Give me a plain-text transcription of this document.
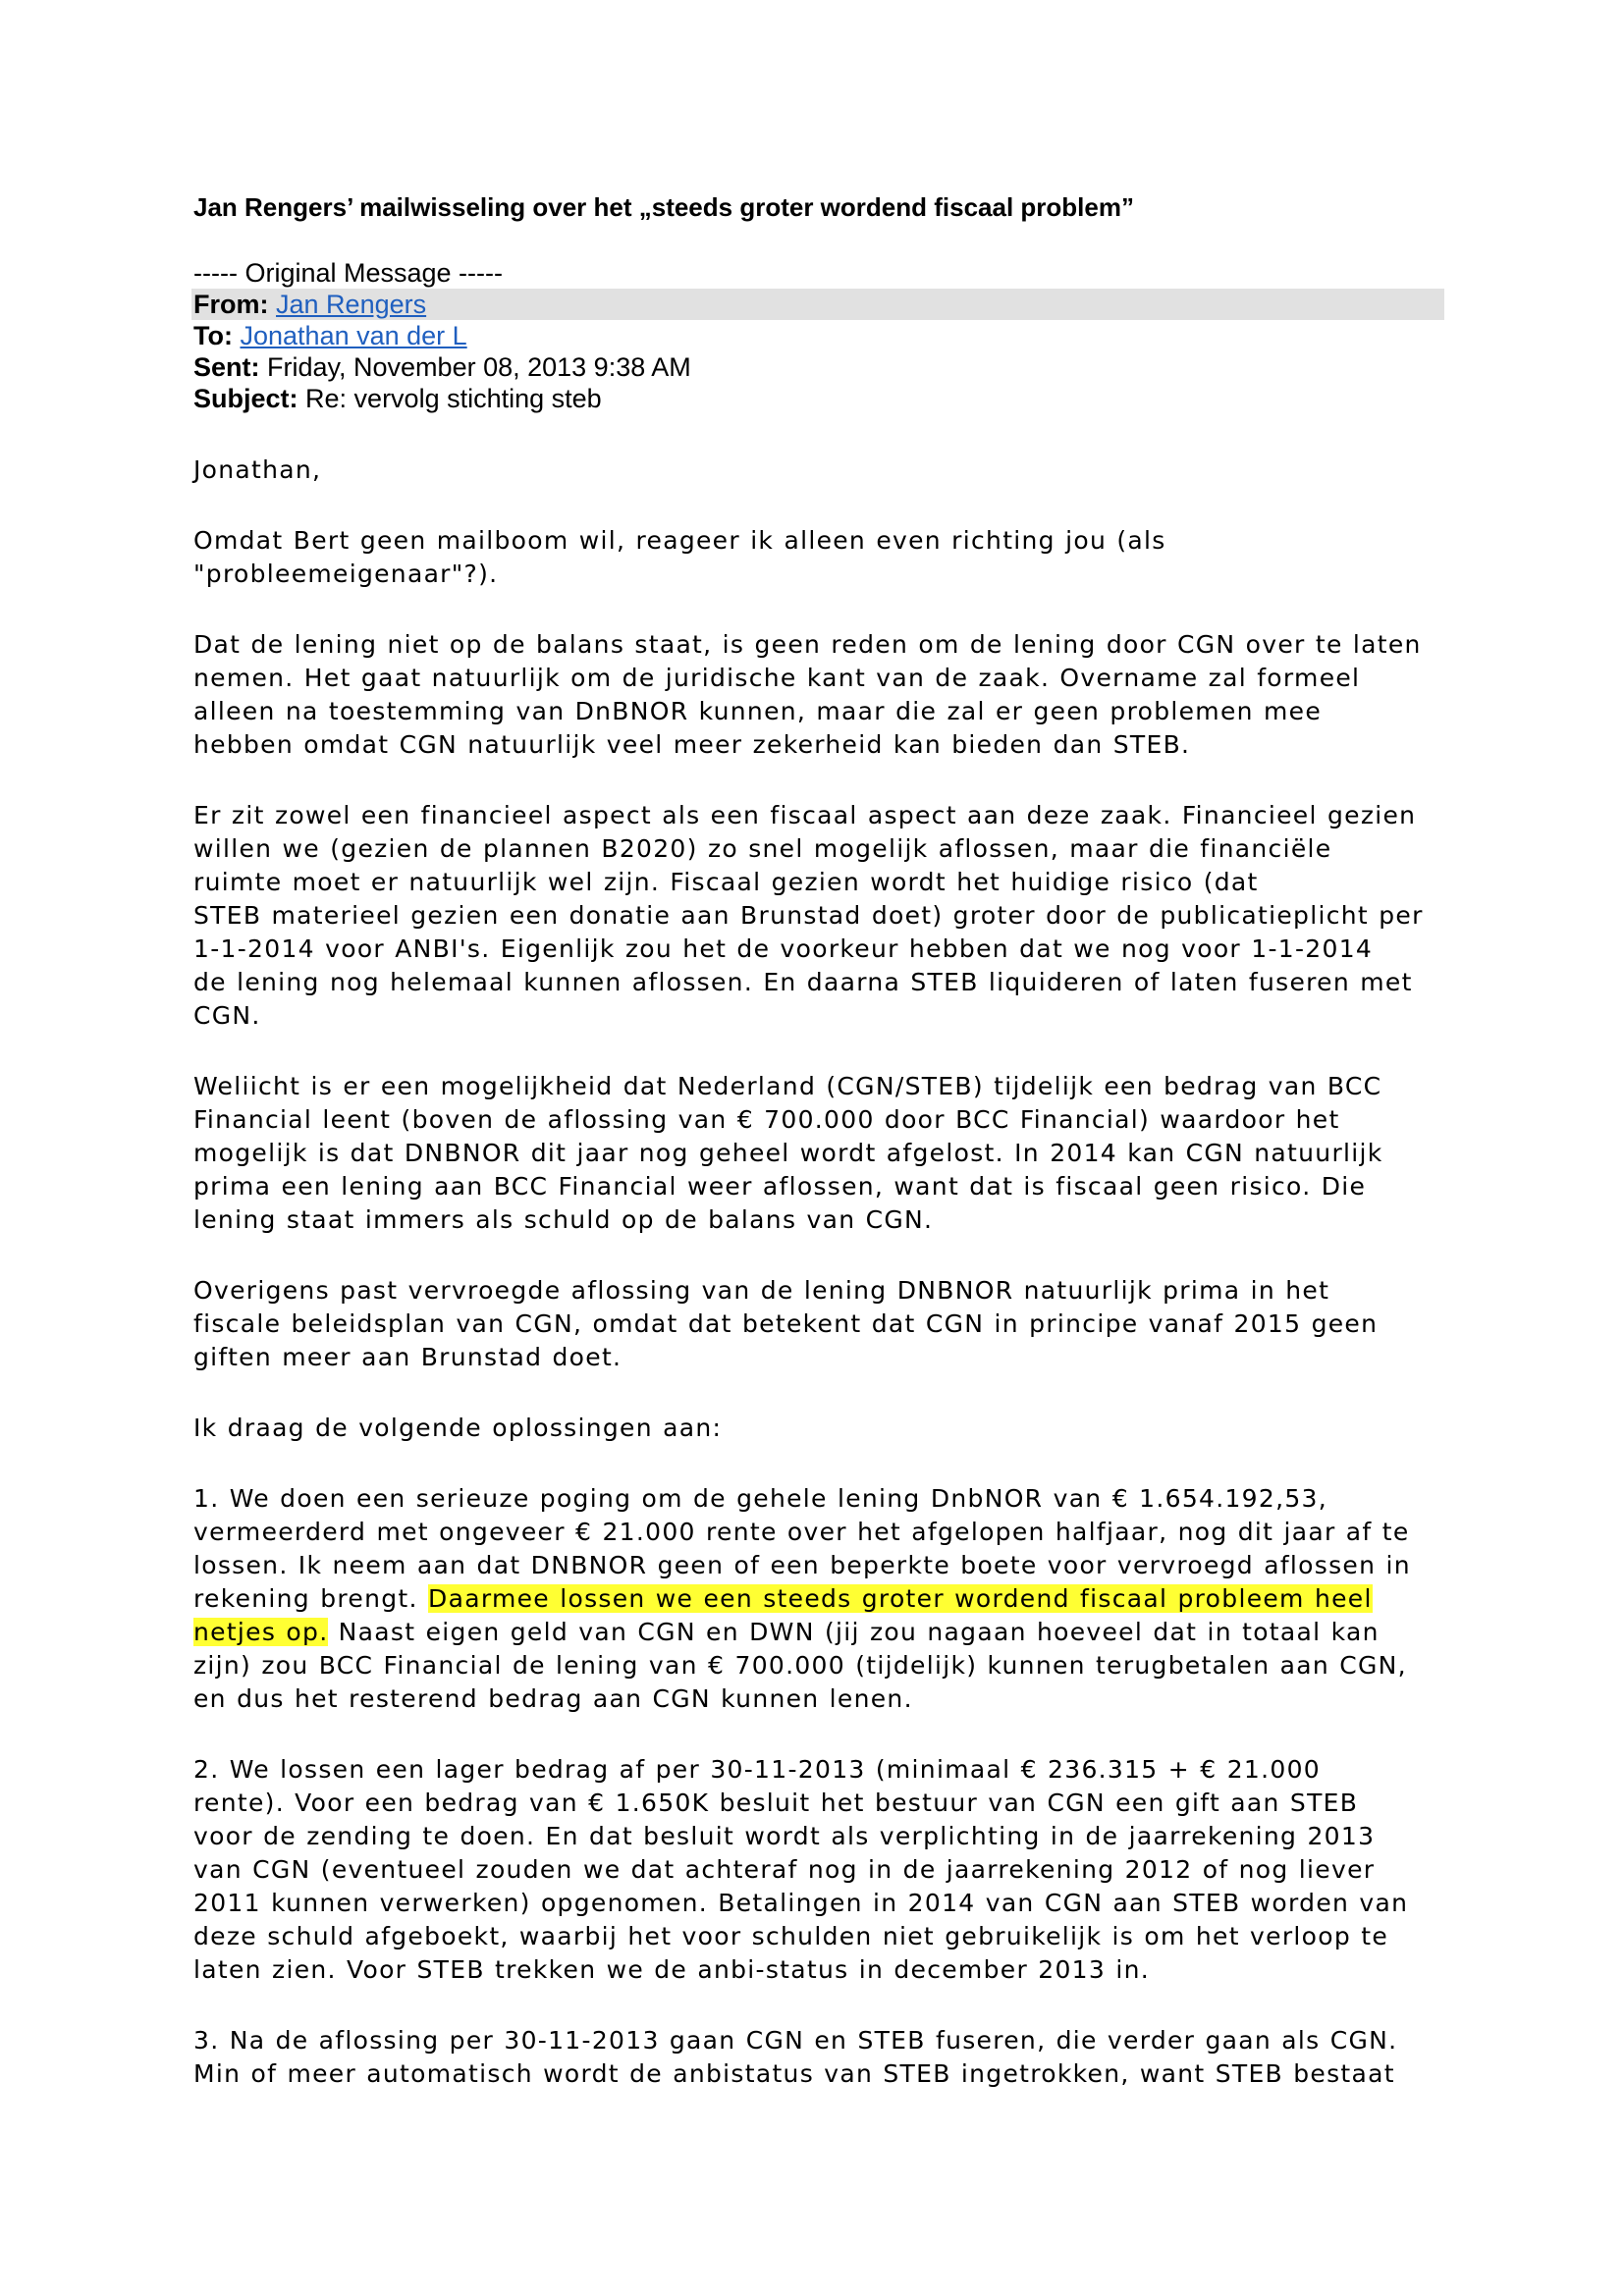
Jan Rengers’ mailwisseling over het „steeds groter wordend fiscaal problem”
----- Original Message -----
From: Jan Rengers
To: Jonathan van der L
Sent: Friday, November 08, 2013 9:38 AM
Subject: Re: vervolg stichting steb

Jonathan,

Omdat Bert geen mailboom wil, reageer ik alleen even richting jou (als
"probleemeigenaar"?).

Dat de lening niet op de balans staat, is geen reden om de lening door CGN over te laten
nemen. Het gaat natuurlijk om de juridische kant van de zaak. Overname zal formeel
alleen na toestemming van DnBNOR kunnen, maar die zal er geen problemen mee
hebben omdat CGN natuurlijk veel meer zekerheid kan bieden dan STEB.

Er zit zowel een financieel aspect als een fiscaal aspect aan deze zaak. Financieel gezien
willen we (gezien de plannen B2020) zo snel mogelijk aflossen, maar die financiële
ruimte moet er natuurlijk wel zijn. Fiscaal gezien wordt het huidige risico (dat
STEB materieel gezien een donatie aan Brunstad doet) groter door de publicatieplicht per
1-1-2014 voor ANBI's. Eigenlijk zou het de voorkeur hebben dat we nog voor 1-1-2014
de lening nog helemaal kunnen aflossen. En daarna STEB liquideren of laten fuseren met
CGN.

Weliicht is er een mogelijkheid dat Nederland (CGN/STEB) tijdelijk een bedrag van BCC
Financial leent (boven de aflossing van € 700.000 door BCC Financial) waardoor het
mogelijk is dat DNBNOR dit jaar nog geheel wordt afgelost. In 2014 kan CGN natuurlijk
prima een lening aan BCC Financial weer aflossen, want dat is fiscaal geen risico. Die
lening staat immers als schuld op de balans van CGN.

Overigens past vervroegde aflossing van de lening DNBNOR natuurlijk prima in het
fiscale beleidsplan van CGN, omdat dat betekent dat CGN in principe vanaf 2015 geen
giften meer aan Brunstad doet.

Ik draag de volgende oplossingen aan:

1. We doen een serieuze poging om de gehele lening DnbNOR van € 1.654.192,53,
vermeerderd met ongeveer € 21.000 rente over het afgelopen halfjaar, nog dit jaar af te
lossen. Ik neem aan dat DNBNOR geen of een beperkte boete voor vervroegd aflossen in
rekening brengt. Daarmee lossen we een steeds groter wordend fiscaal probleem heel
netjes op. Naast eigen geld van CGN en DWN (jij zou nagaan hoeveel dat in totaal kan
zijn) zou BCC Financial de lening van € 700.000 (tijdelijk) kunnen terugbetalen aan CGN,
en dus het resterend bedrag aan CGN kunnen lenen.

2. We lossen een lager bedrag af per 30-11-2013 (minimaal € 236.315 + € 21.000
rente). Voor een bedrag van € 1.650K besluit het bestuur van CGN een gift aan STEB
voor de zending te doen. En dat besluit wordt als verplichting in de jaarrekening 2013
van CGN (eventueel zouden we dat achteraf nog in de jaarrekening 2012 of nog liever
2011 kunnen verwerken) opgenomen. Betalingen in 2014 van CGN aan STEB worden van
deze schuld afgeboekt, waarbij het voor schulden niet gebruikelijk is om het verloop te
laten zien. Voor STEB trekken we de anbi-status in december 2013 in.

3. Na de aflossing per 30-11-2013 gaan CGN en STEB fuseren, die verder gaan als CGN.
Min of meer automatisch wordt de anbistatus van STEB ingetrokken, want STEB bestaat
